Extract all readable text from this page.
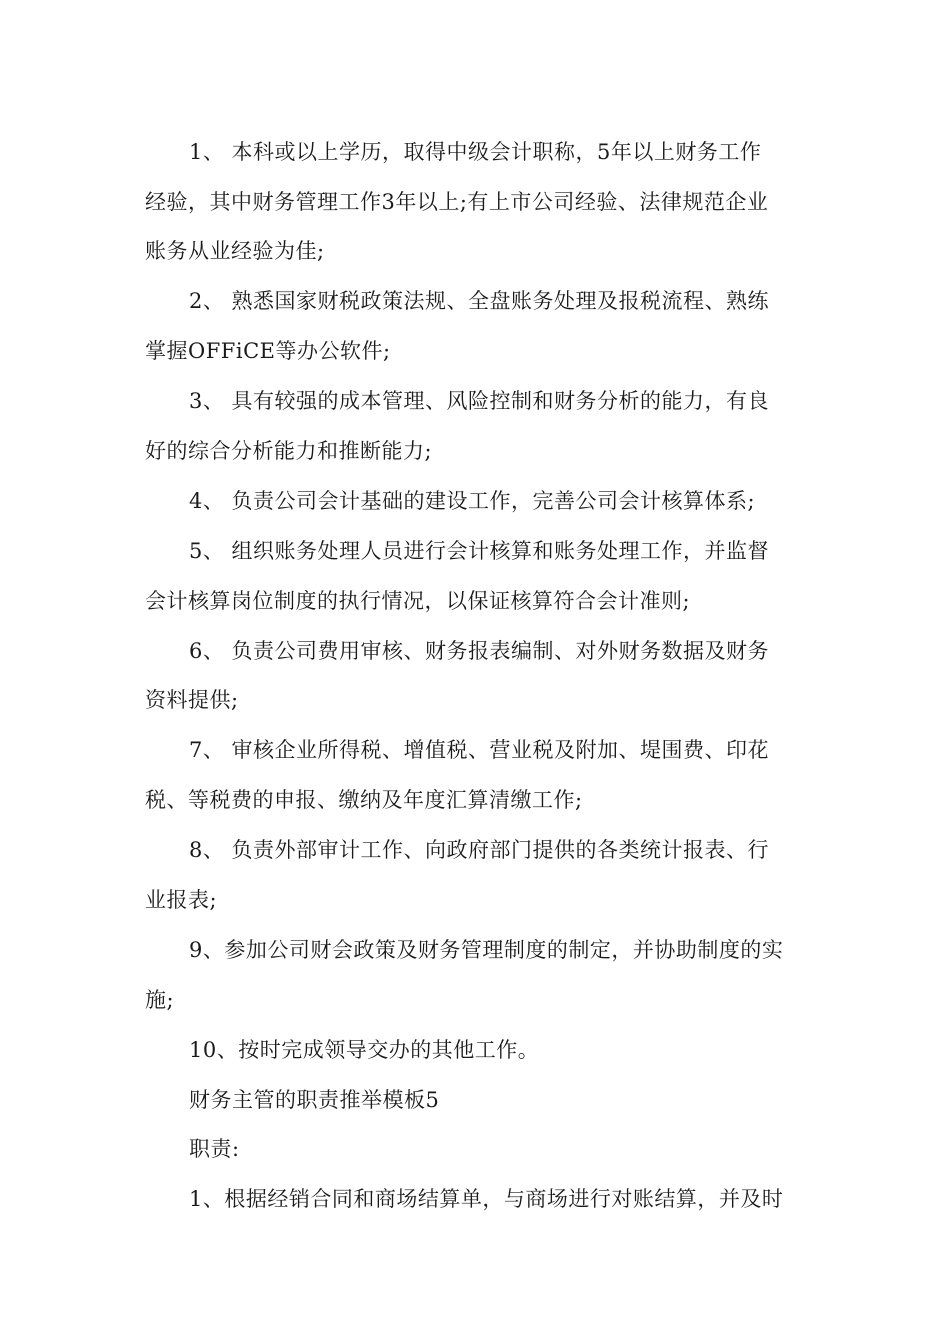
1、 本科或以上学历，取得中级会计职称，5年以上财务工作
经验，其中财务管理工作3年以上;有上市公司经验、法律规范企业
账务从业经验为佳;
2、 熟悉国家财税政策法规、全盘账务处理及报税流程、熟练
掌握OFFiCE等办公软件;
3、 具有较强的成本管理、风险控制和财务分析的能力，有良
好的综合分析能力和推断能力;
4、 负责公司会计基础的建设工作，完善公司会计核算体系;
5、 组织账务处理人员进行会计核算和账务处理工作，并监督
会计核算岗位制度的执行情况，以保证核算符合会计准则;
6、 负责公司费用审核、财务报表编制、对外财务数据及财务
资料提供;
7、 审核企业所得税、增值税、营业税及附加、堤围费、印花
税、等税费的申报、缴纳及年度汇算清缴工作;
8、 负责外部审计工作、向政府部门提供的各类统计报表、行
业报表;
9、参加公司财会政策及财务管理制度的制定，并协助制度的实
施;
10、按时完成领导交办的其他工作。
财务主管的职责推举模板5
职责:
1、根据经销合同和商场结算单，与商场进行对账结算，并及时
